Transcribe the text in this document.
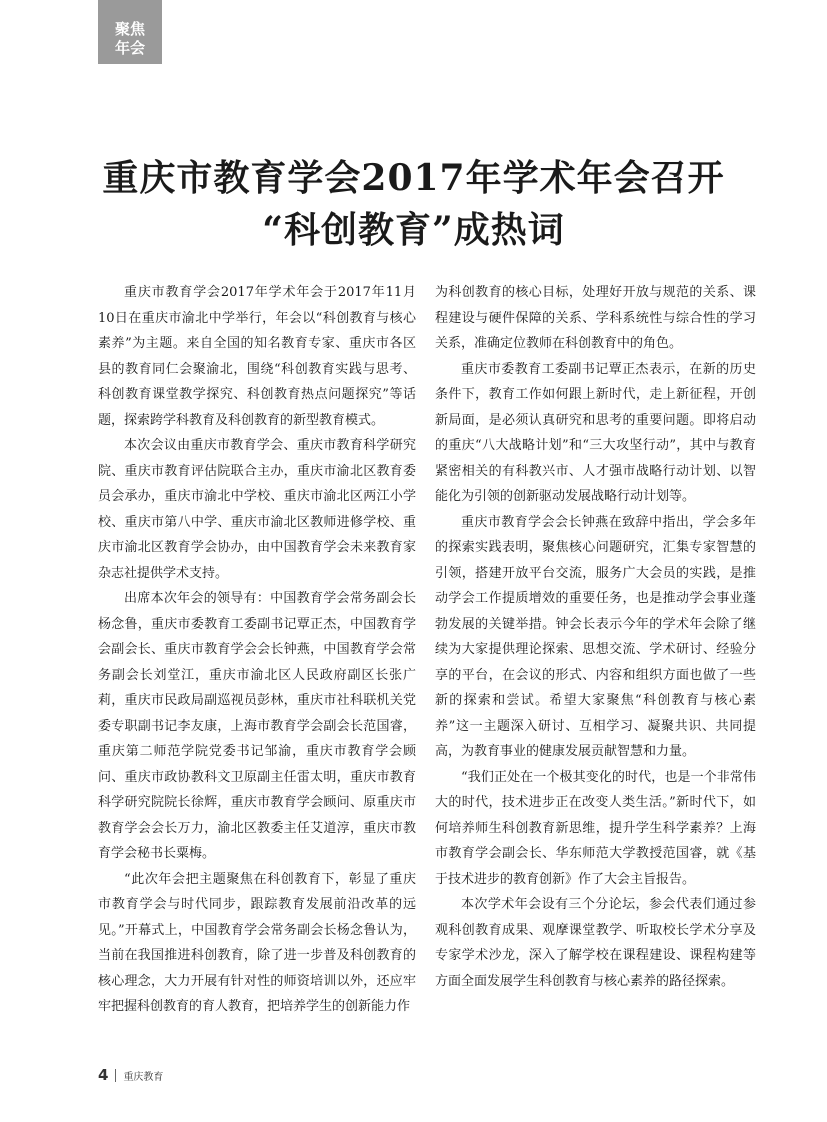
聚焦
年会
重庆市教育学会2017年学术年会召开
“科创教育”成热词

重庆市教育学会2017年学术年会于2017年11月10日在重庆市渝北中学举行，年会以“科创教育与核心素养”为主题。来自全国的知名教育专家、重庆市各区县的教育同仁会聚渝北，围绕“科创教育实践与思考、科创教育课堂教学探究、科创教育热点问题探究”等话题，探索跨学科教育及科创教育的新型教育模式。

本次会议由重庆市教育学会、重庆市教育科学研究院、重庆市教育评估院联合主办，重庆市渝北区教育委员会承办，重庆市渝北中学校、重庆市渝北区两江小学校、重庆市第八中学、重庆市渝北区教师进修学校、重庆市渝北区教育学会协办，由中国教育学会未来教育家杂志社提供学术支持。

出席本次年会的领导有：中国教育学会常务副会长杨念鲁，重庆市委教育工委副书记覃正杰，中国教育学会副会长、重庆市教育学会会长钟燕，中国教育学会常务副会长刘堂江，重庆市渝北区人民政府副区长张广莉，重庆市民政局副巡视员彭林，重庆市社科联机关党委专职副书记李友康，上海市教育学会副会长范国睿，重庆第二师范学院党委书记邹渝，重庆市教育学会顾问、重庆市政协教科文卫原副主任雷太明，重庆市教育科学研究院院长徐辉，重庆市教育学会顾问、原重庆市教育学会会长万力，渝北区教委主任艾道淳，重庆市教育学会秘书长粟梅。

“此次年会把主题聚焦在科创教育下，彰显了重庆市教育学会与时代同步，跟踪教育发展前沿改革的远见。”开幕式上，中国教育学会常务副会长杨念鲁认为，当前在我国推进科创教育，除了进一步普及科创教育的核心理念，大力开展有针对性的师资培训以外，还应牢牢把握科创教育的育人教育，把培养学生的创新能力作

为科创教育的核心目标，处理好开放与规范的关系、课程建设与硬件保障的关系、学科系统性与综合性的学习关系，准确定位教师在科创教育中的角色。

重庆市委教育工委副书记覃正杰表示，在新的历史条件下，教育工作如何跟上新时代，走上新征程，开创新局面，是必须认真研究和思考的重要问题。即将启动的重庆“八大战略计划”和“三大攻坚行动”，其中与教育紧密相关的有科教兴市、人才强市战略行动计划、以智能化为引领的创新驱动发展战略行动计划等。

重庆市教育学会会长钟燕在致辞中指出，学会多年的探索实践表明，聚焦核心问题研究，汇集专家智慧的引领，搭建开放平台交流，服务广大会员的实践，是推动学会工作提质增效的重要任务，也是推动学会事业蓬勃发展的关键举措。钟会长表示今年的学术年会除了继续为大家提供理论探索、思想交流、学术研讨、经验分享的平台，在会议的形式、内容和组织方面也做了一些新的探索和尝试。希望大家聚焦“科创教育与核心素养”这一主题深入研讨、互相学习、凝聚共识、共同提高，为教育事业的健康发展贡献智慧和力量。

“我们正处在一个极其变化的时代，也是一个非常伟大的时代，技术进步正在改变人类生活。”新时代下，如何培养师生科创教育新思维，提升学生科学素养？上海市教育学会副会长、华东师范大学教授范国睿，就《基于技术进步的教育创新》作了大会主旨报告。

本次学术年会设有三个分论坛，参会代表们通过参观科创教育成果、观摩课堂教学、听取校长学术分享及专家学术沙龙，深入了解学校在课程建设、课程构建等方面全面发展学生科创教育与核心素养的路径探索。

4 重庆教育
